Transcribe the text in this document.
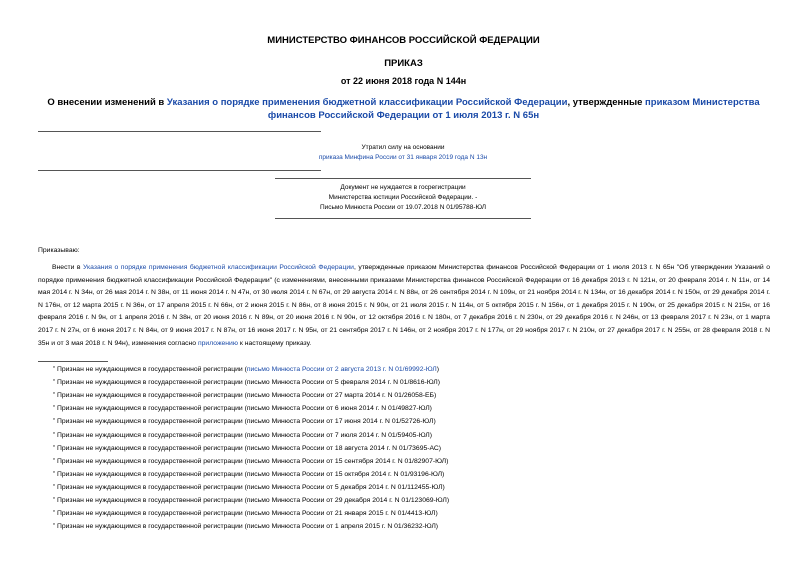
МИНИСТЕРСТВО ФИНАНСОВ РОССИЙСКОЙ ФЕДЕРАЦИИ
ПРИКАЗ
от 22 июня 2018 года N 144н
О внесении изменений в Указания о порядке применения бюджетной классификации Российской Федерации, утвержденные приказом Министерства финансов Российской Федерации от 1 июля 2013 г. N 65н
Утратил силу на основании
приказа Минфина России от 31 января 2019 года N 13н
Документ не нуждается в госрегистрации
Министерства юстиции Российской Федерации. -
Письмо Минюста России от 19.07.2018 N 01/95788-ЮЛ
Приказываю:
Внести в Указания о порядке применения бюджетной классификации Российской Федерации, утвержденные приказом Министерства финансов Российской Федерации от 1 июля 2013 г. N 65н "Об утверждении Указаний о порядке применения бюджетной классификации Российской Федерации" (с изменениями, внесенными приказами Министерства финансов Российской Федерации от 16 декабря 2013 г. N 121н, от 20 февраля 2014 г. N 11н, от 14 мая 2014 г. N 34н, от 26 мая 2014 г. N 38н, от 11 июня 2014 г. N 47н, от 30 июля 2014 г. N 67н, от 29 августа 2014 г. N 88н, от 26 сентября 2014 г. N 109н, от 21 ноября 2014 г. N 134н, от 16 декабря 2014 г. N 150н, от 29 декабря 2014 г. N 176н, от 12 марта 2015 г. N 36н, от 17 апреля 2015 г. N 66н, от 2 июня 2015 г. N 86н, от 8 июня 2015 г. N 90н, от 21 июля 2015 г. N 114н, от 5 октября 2015 г. N 156н, от 1 декабря 2015 г. N 190н, от 25 декабря 2015 г. N 215н, от 16 февраля 2016 г. N 9н, от 1 апреля 2016 г. N 38н, от 20 июня 2016 г. N 89н, от 20 июня 2016 г. N 90н, от 12 октября 2016 г. N 180н, от 7 декабря 2016 г. N 230н, от 29 декабря 2016 г. N 246н, от 13 февраля 2017 г. N 23н, от 1 марта 2017 г. N 27н, от 6 июня 2017 г. N 84н, от 9 июня 2017 г. N 87н, от 16 июня 2017 г. N 95н, от 21 сентября 2017 г. N 146н, от 2 ноября 2017 г. N 177н, от 29 ноября 2017 г. N 210н, от 27 декабря 2017 г. N 255н, от 28 февраля 2018 г. N 35н и от 3 мая 2018 г. N 94н), изменения согласно приложению к настоящему приказу.
* Признан не нуждающимся в государственной регистрации (письмо Минюста России от 2 августа 2013 г. N 01/69992-ЮЛ)
* Признан не нуждающимся в государственной регистрации (письмо Минюста России от 5 февраля 2014 г. N 01/8616-ЮЛ)
* Признан не нуждающимся в государственной регистрации (письмо Минюста России от 27 марта 2014 г. N 01/26058-ЕБ)
* Признан не нуждающимся в государственной регистрации (письмо Минюста России от 6 июня 2014 г. N 01/49827-ЮЛ)
* Признан не нуждающимся в государственной регистрации (письмо Минюста России от 17 июня 2014 г. N 01/52726-ЮЛ)
* Признан не нуждающимся в государственной регистрации (письмо Минюста России от 7 июля 2014 г. N 01/59405-ЮЛ)
* Признан не нуждающимся в государственной регистрации (письмо Минюста России от 18 августа 2014 г. N 01/73695-АС)
* Признан не нуждающимся в государственной регистрации (письмо Минюста России от 15 сентября 2014 г. N 01/82907-ЮЛ)
* Признан не нуждающимся в государственной регистрации (письмо Минюста России от 15 октября 2014 г. N 01/93196-ЮЛ)
* Признан не нуждающимся в государственной регистрации (письмо Минюста России от 5 декабря 2014 г. N 01/112455-ЮЛ)
* Признан не нуждающимся в государственной регистрации (письмо Минюста России от 29 декабря 2014 г. N 01/123069-ЮЛ)
* Признан не нуждающимся в государственной регистрации (письмо Минюста России от 21 января 2015 г. N 01/4413-ЮЛ)
* Признан не нуждающимся в государственной регистрации (письмо Минюста России от 1 апреля 2015 г. N 01/36232-ЮЛ)
